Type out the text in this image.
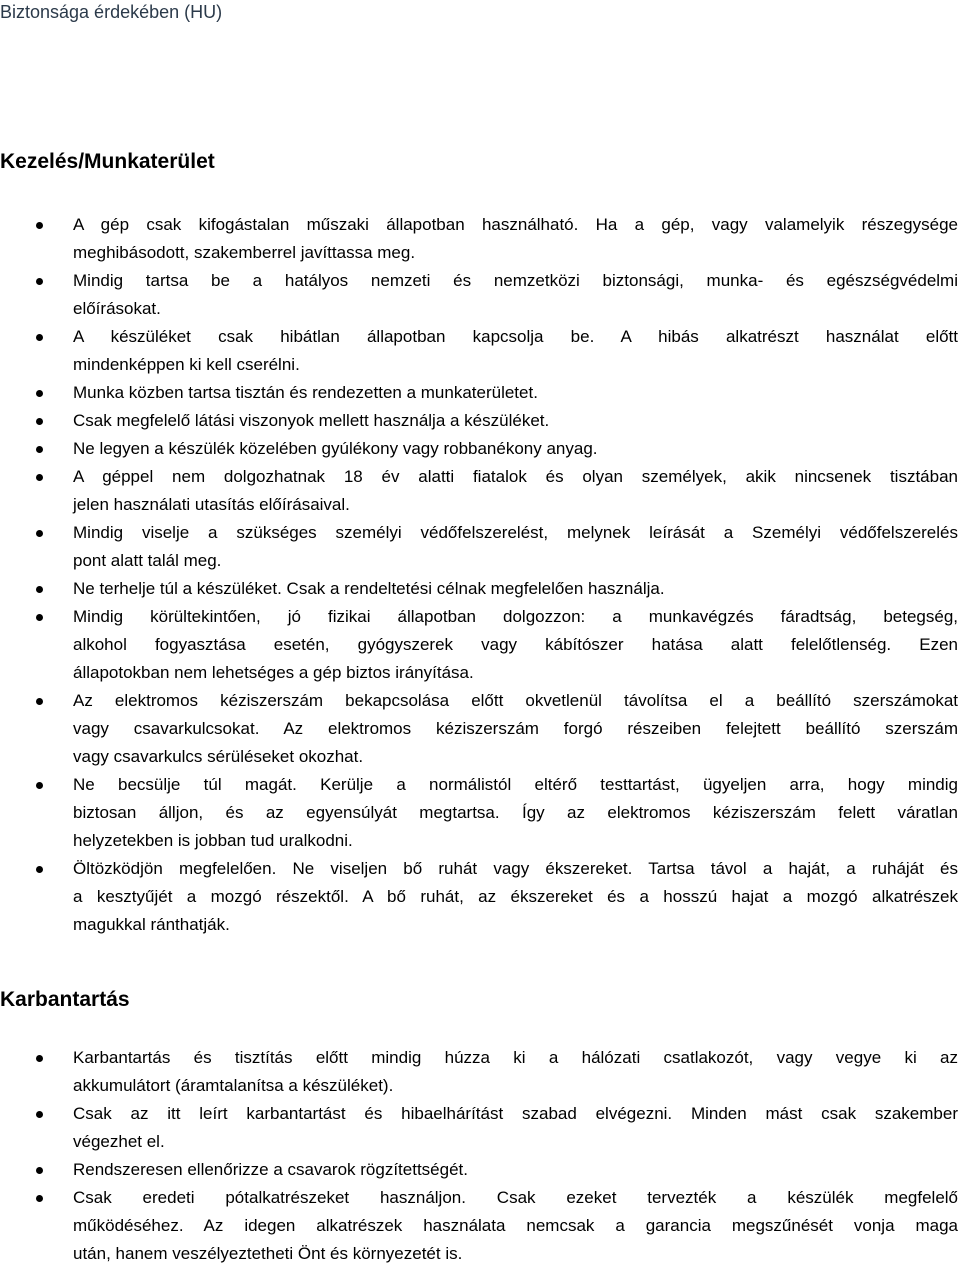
Biztonsága érdekében (HU)
Kezelés/Munkaterület
A gép csak kifogástalan műszaki állapotban használható. Ha a gép, vagy valamelyik részegysége
meghibásodott, szakemberrel javíttassa meg.
Mindig tartsa be a hatályos nemzeti és nemzetközi biztonsági, munka- és egészségvédelmi
előírásokat.
A készüléket csak hibátlan állapotban kapcsolja be. A hibás alkatrészt használat előtt
mindenképpen ki kell cserélni.
Munka közben tartsa tisztán és rendezetten a munkaterületet.
Csak megfelelő látási viszonyok mellett használja a készüléket.
Ne legyen a készülék közelében gyúlékony vagy robbanékony anyag.
A géppel nem dolgozhatnak 18 év alatti fiatalok és olyan személyek, akik nincsenek tisztában
jelen használati utasítás előírásaival.
Mindig viselje a szükséges személyi védőfelszerelést, melynek leírását a Személyi védőfelszerelés
pont alatt talál meg.
Ne terhelje túl a készüléket. Csak a rendeltetési célnak megfelelően használja.
Mindig körültekintően, jó fizikai állapotban dolgozzon: a munkavégzés fáradtság, betegség,
alkohol fogyasztása esetén, gyógyszerek vagy kábítószer hatása alatt felelőtlenség. Ezen
állapotokban nem lehetséges a gép biztos irányítása.
Az elektromos kéziszerszám bekapcsolása előtt okvetlenül távolítsa el a beállító szerszámokat
vagy csavarkulcsokat. Az elektromos kéziszerszám forgó részeiben felejtett beállító szerszám
vagy csavarkulcs sérüléseket okozhat.
Ne becsülje túl magát. Kerülje a normálistól eltérő testtartást, ügyeljen arra, hogy mindig
biztosan álljon, és az egyensúlyát megtartsa. Így az elektromos kéziszerszám felett váratlan
helyzetekben is jobban tud uralkodni.
Öltözködjön megfelelően. Ne viseljen bő ruhát vagy ékszereket. Tartsa távol a haját, a ruháját és
a kesztyűjét a mozgó részektől. A bő ruhát, az ékszereket és a hosszú hajat a mozgó alkatrészek
magukkal ránthatják.
Karbantartás
Karbantartás és tisztítás előtt mindig húzza ki a hálózati csatlakozót, vagy vegye ki az
akkumulátort (áramtalanítsa a készüléket).
Csak az itt leírt karbantartást és hibaelhárítást szabad elvégezni. Minden mást csak szakember
végezhet el.
Rendszeresen ellenőrizze a csavarok rögzítettségét.
Csak eredeti pótalkatrészeket használjon. Csak ezeket tervezték a készülék megfelelő
működéséhez. Az idegen alkatrészek használata nemcsak a garancia megszűnését vonja maga
után, hanem veszélyeztetheti Önt és környezetét is.
